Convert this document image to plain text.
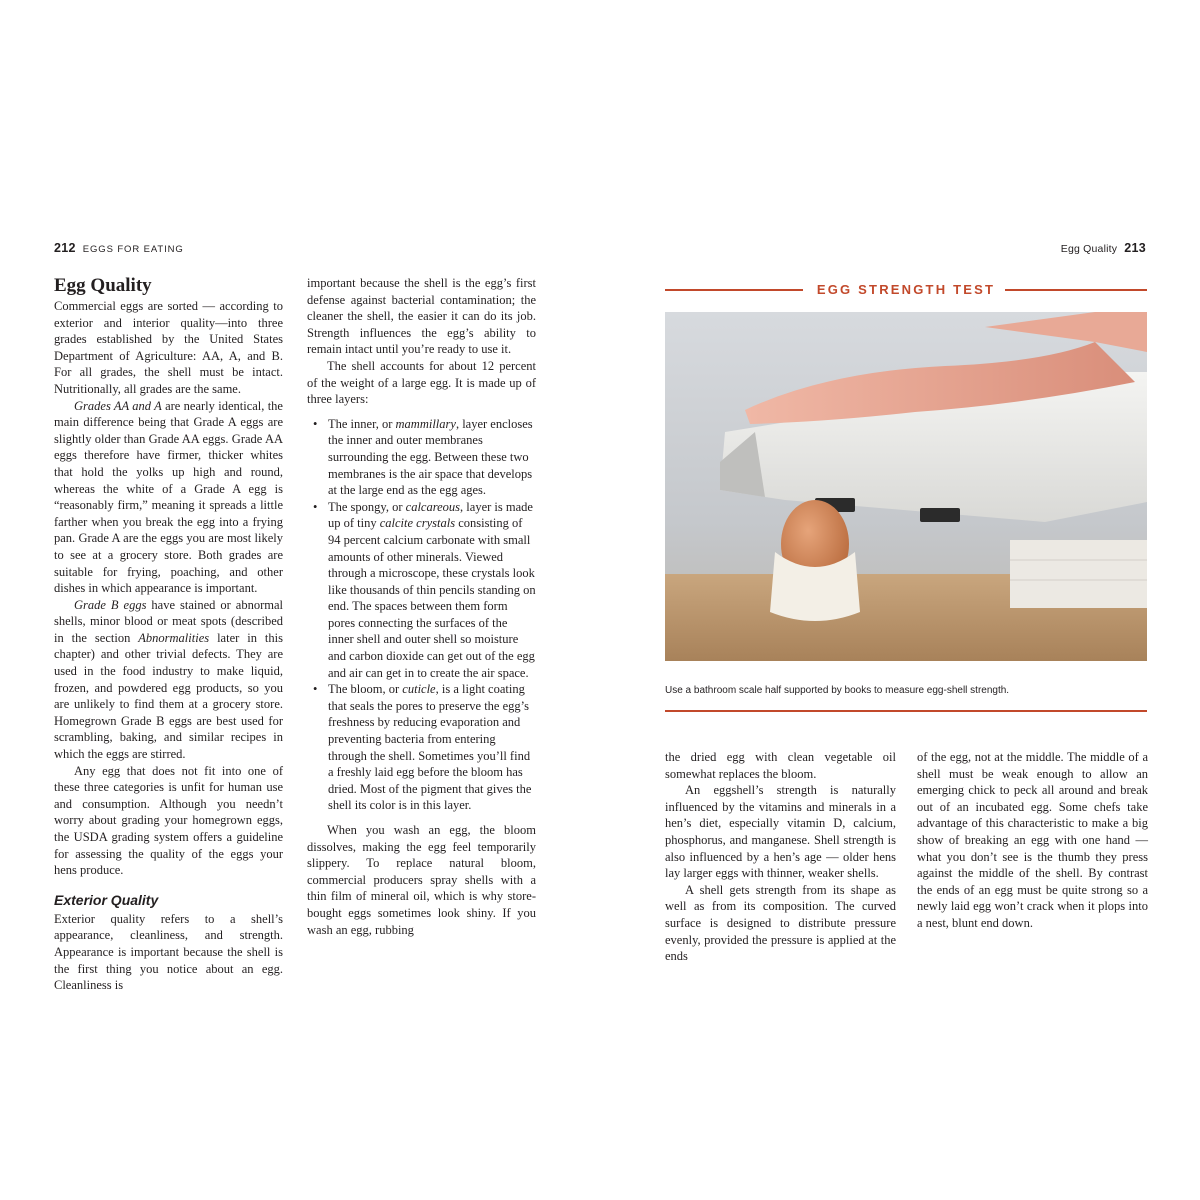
212 EGGS FOR EATING	Egg Quality 213
Egg Quality

Commercial eggs are sorted — according to exterior and interior quality—into three grades established by the United States Department of Agriculture: AA, A, and B. For all grades, the shell must be intact. Nutritionally, all grades are the same.

Grades AA and A are nearly identical, the main difference being that Grade A eggs are slightly older than Grade AA eggs. Grade AA eggs therefore have firmer, thicker whites that hold the yolks up high and round, whereas the white of a Grade A egg is “reasonably firm,” meaning it spreads a little farther when you break the egg into a frying pan. Grade A are the eggs you are most likely to see at a grocery store. Both grades are suitable for frying, poaching, and other dishes in which appearance is important.

Grade B eggs have stained or abnormal shells, minor blood or meat spots (described in the section Abnormalities later in this chapter) and other trivial defects. They are used in the food industry to make liquid, frozen, and powdered egg products, so you are unlikely to find them at a grocery store. Homegrown Grade B eggs are best used for scrambling, baking, and similar recipes in which the eggs are stirred.

Any egg that does not fit into one of these three categories is unfit for human use and consumption. Although you needn’t worry about grading your homegrown eggs, the USDA grading system offers a guideline for assessing the quality of the eggs your hens produce.

Exterior Quality

Exterior quality refers to a shell’s appearance, cleanliness, and strength. Appearance is important because the shell is the first thing you notice about an egg. Cleanliness is

important because the shell is the egg’s first defense against bacterial contamination; the cleaner the shell, the easier it can do its job. Strength influences the egg’s ability to remain intact until you’re ready to use it.

The shell accounts for about 12 percent of the weight of a large egg. It is made up of three layers:

• The inner, or mammillary, layer encloses the inner and outer membranes surrounding the egg. Between these two membranes is the air space that develops at the large end as the egg ages.
• The spongy, or calcareous, layer is made up of tiny calcite crystals consisting of 94 percent calcium carbonate with small amounts of other minerals. Viewed through a microscope, these crystals look like thousands of thin pencils standing on end. The spaces between them form pores connecting the surfaces of the inner shell and outer shell so moisture and carbon dioxide can get out of the egg and air can get in to create the air space.
• The bloom, or cuticle, is a light coating that seals the pores to preserve the egg’s freshness by reducing evaporation and preventing bacteria from entering through the shell. Sometimes you’ll find a freshly laid egg before the bloom has dried. Most of the pigment that gives the shell its color is in this layer.

When you wash an egg, the bloom dissolves, making the egg feel temporarily slippery. To replace natural bloom, commercial producers spray shells with a thin film of mineral oil, which is why store-bought eggs sometimes look shiny. If you wash an egg, rubbing

EGG STRENGTH TEST
Use a bathroom scale half supported by books to measure egg-shell strength.

the dried egg with clean vegetable oil somewhat replaces the bloom.

An eggshell’s strength is naturally influenced by the vitamins and minerals in a hen’s diet, especially vitamin D, calcium, phosphorus, and manganese. Shell strength is also influenced by a hen’s age — older hens lay larger eggs with thinner, weaker shells.

A shell gets strength from its shape as well as from its composition. The curved surface is designed to distribute pressure evenly, provided the pressure is applied at the ends

of the egg, not at the middle. The middle of a shell must be weak enough to allow an emerging chick to peck all around and break out of an incubated egg. Some chefs take advantage of this characteristic to make a big show of breaking an egg with one hand — what you don’t see is the thumb they press against the middle of the shell. By contrast the ends of an egg must be quite strong so a newly laid egg won’t crack when it plops into a nest, blunt end down.
